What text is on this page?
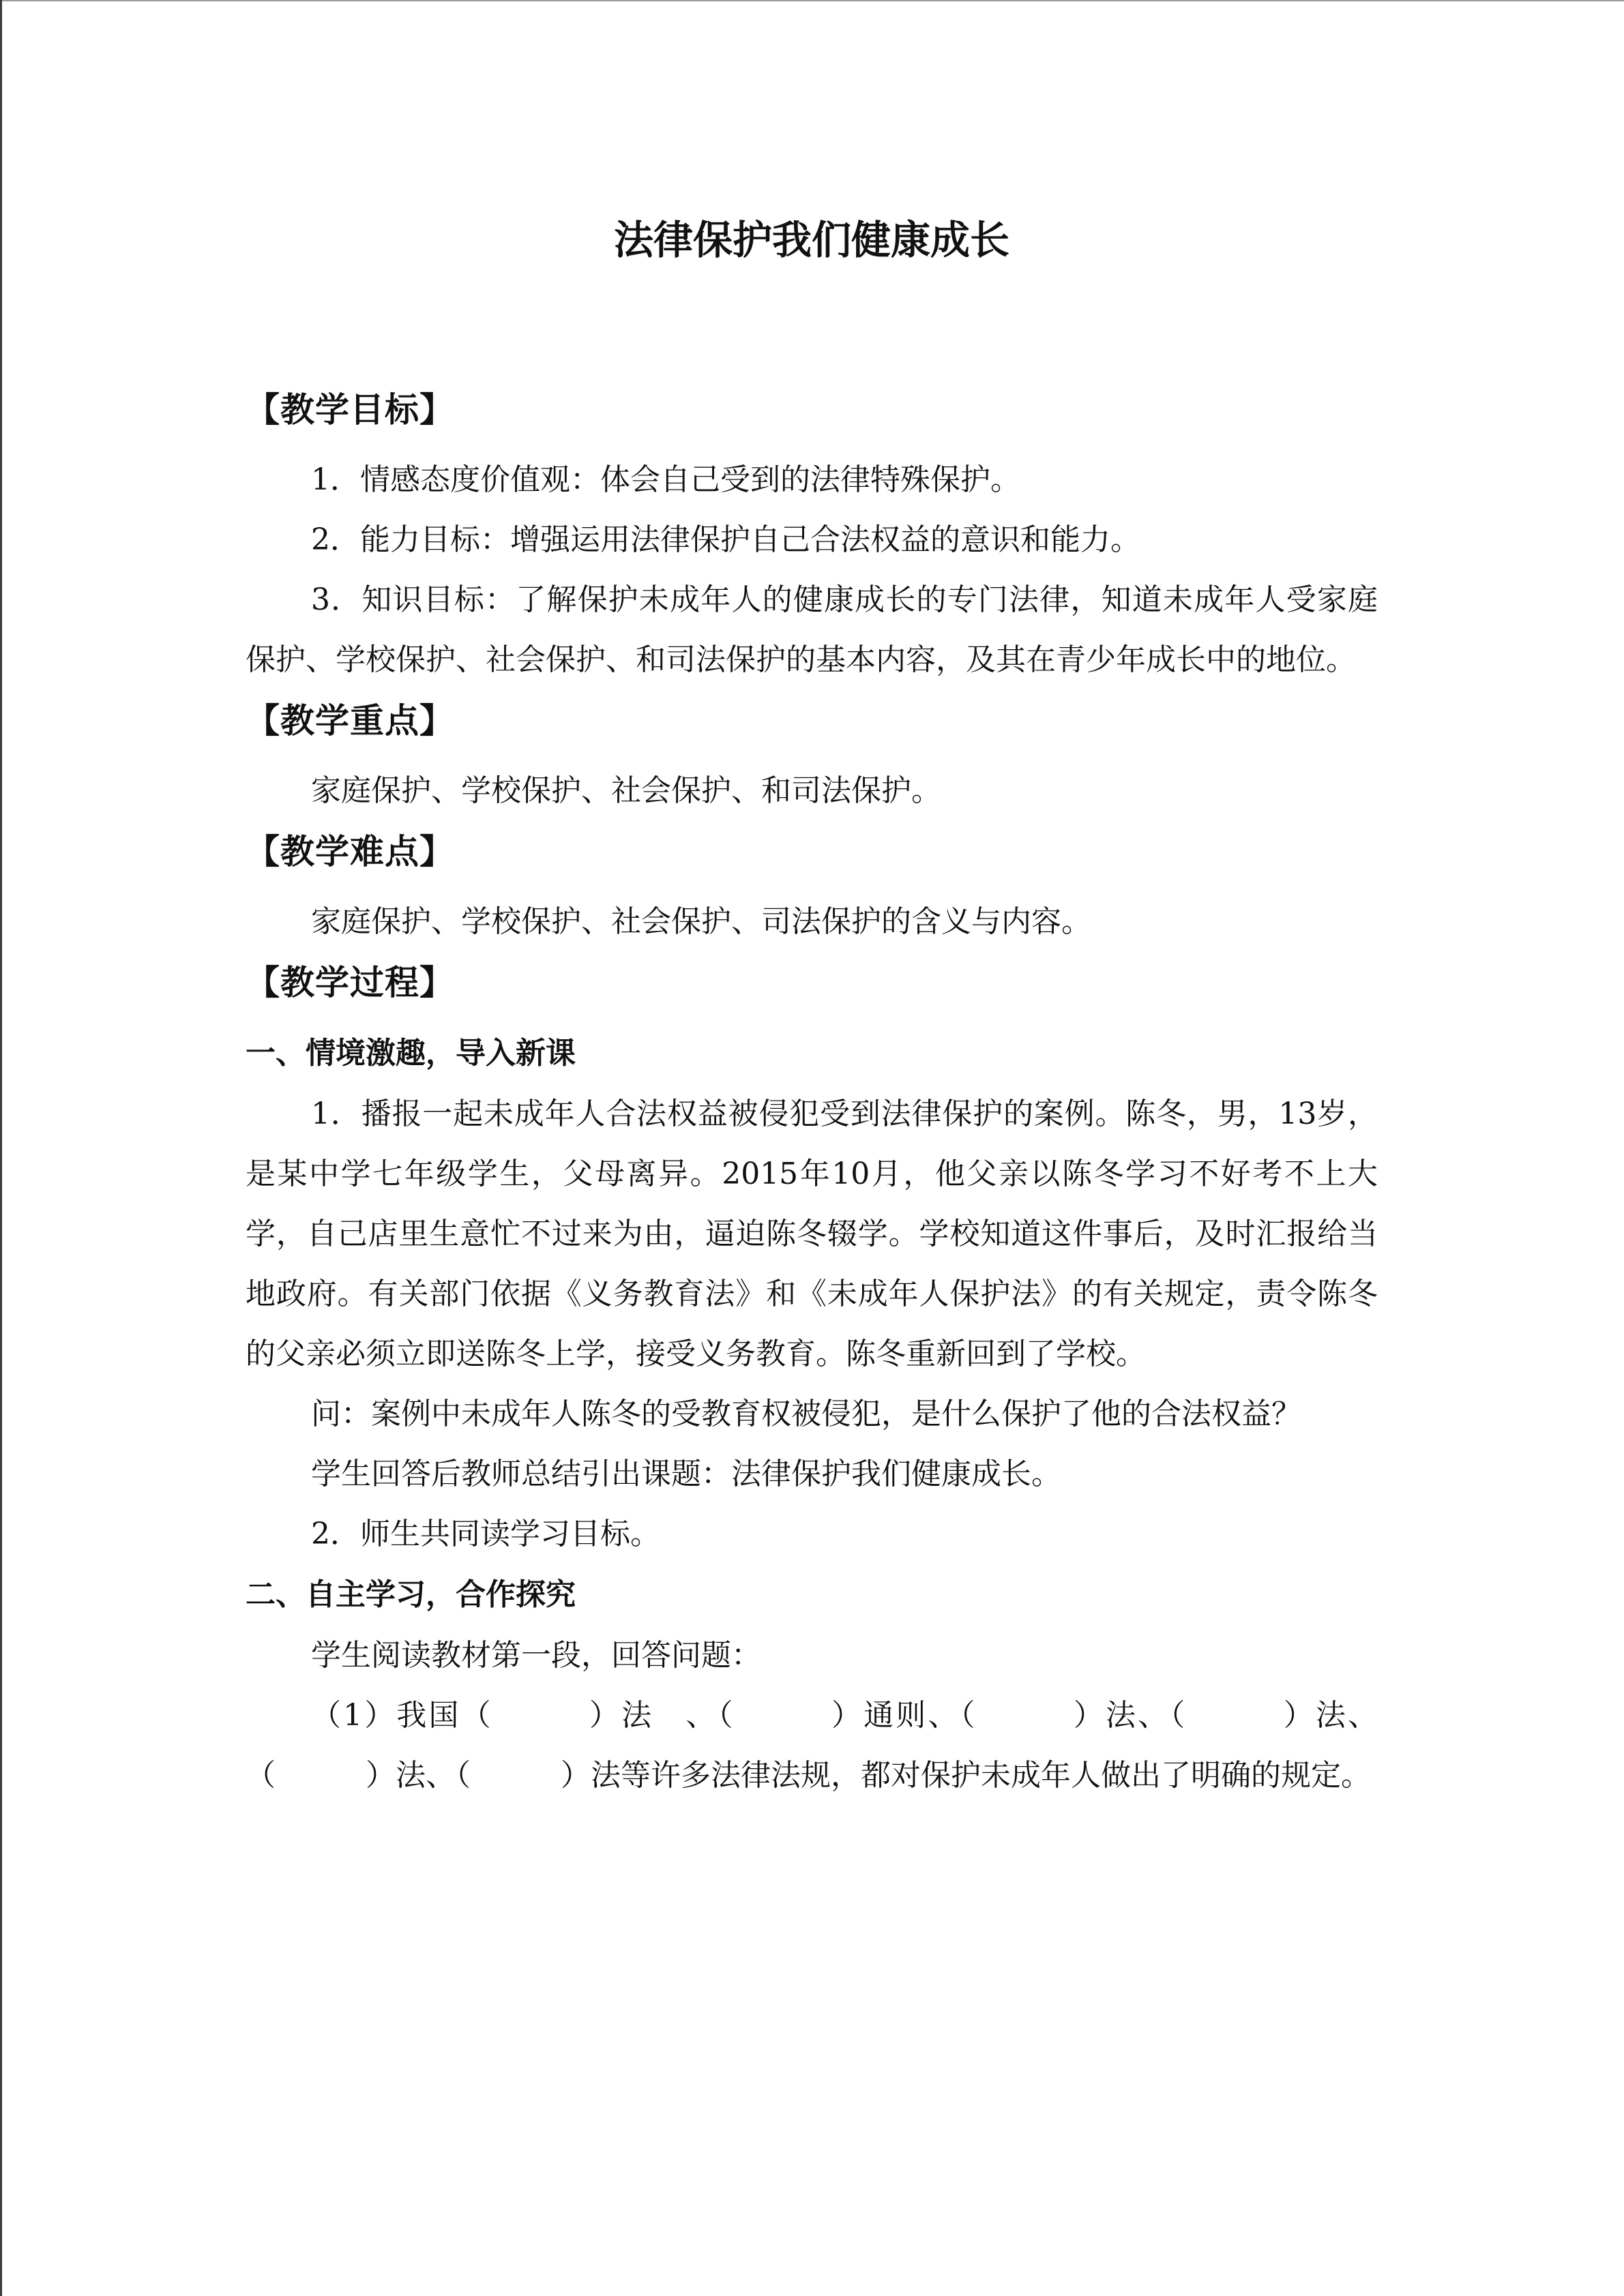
法律保护我们健康成长
【教学目标】

1．情感态度价值观：体会自己受到的法律特殊保护。

2．能力目标：增强运用法律保护自己合法权益的意识和能力。

3．知识目标：了解保护未成年人的健康成长的专门法律，知道未成年人受家庭保护、学校保护、社会保护、和司法保护的基本内容，及其在青少年成长中的地位。

【教学重点】

家庭保护、学校保护、社会保护、和司法保护。

【教学难点】

家庭保护、学校保护、社会保护、司法保护的含义与内容。

【教学过程】
一、情境激趣，导入新课

1．播报一起未成年人合法权益被侵犯受到法律保护的案例。陈冬，男，13岁，是某中学七年级学生，父母离异。2015年10月，他父亲以陈冬学习不好考不上大学，自己店里生意忙不过来为由，逼迫陈冬辍学。学校知道这件事后，及时汇报给当地政府。有关部门依据《义务教育法》和《未成年人保护法》的有关规定，责令陈冬的父亲必须立即送陈冬上学，接受义务教育。陈冬重新回到了学校。

问：案例中未成年人陈冬的受教育权被侵犯，是什么保护了他的合法权益？

学生回答后教师总结引出课题：法律保护我们健康成长。

2．师生共同读学习目标。

二、自主学习，合作探究

学生阅读教材第一段，回答问题：

（1）我国（　　　）法　、（　　　）通则、（　　　）法、（　　　）法、（　　　）法、（　　　）法等许多法律法规，都对保护未成年人做出了明确的规定。
